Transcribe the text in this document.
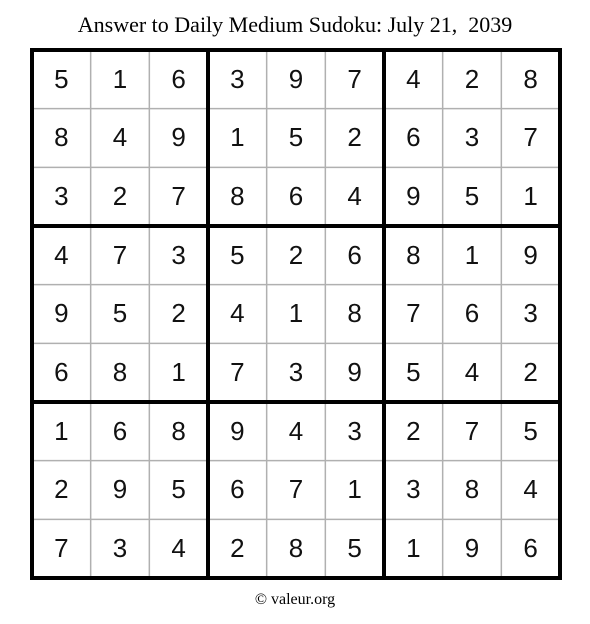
Answer to Daily Medium Sudoku: July 21,  2039
5	1	6	3	9	7	4	2	8
8	4	9	1	5	2	6	3	7
3	2	7	8	6	4	9	5	1
4	7	3	5	2	6	8	1	9
9	5	2	4	1	8	7	6	3
6	8	1	7	3	9	5	4	2
1	6	8	9	4	3	2	7	5
2	9	5	6	7	1	3	8	4
7	3	4	2	8	5	1	9	6
© valeur.org
